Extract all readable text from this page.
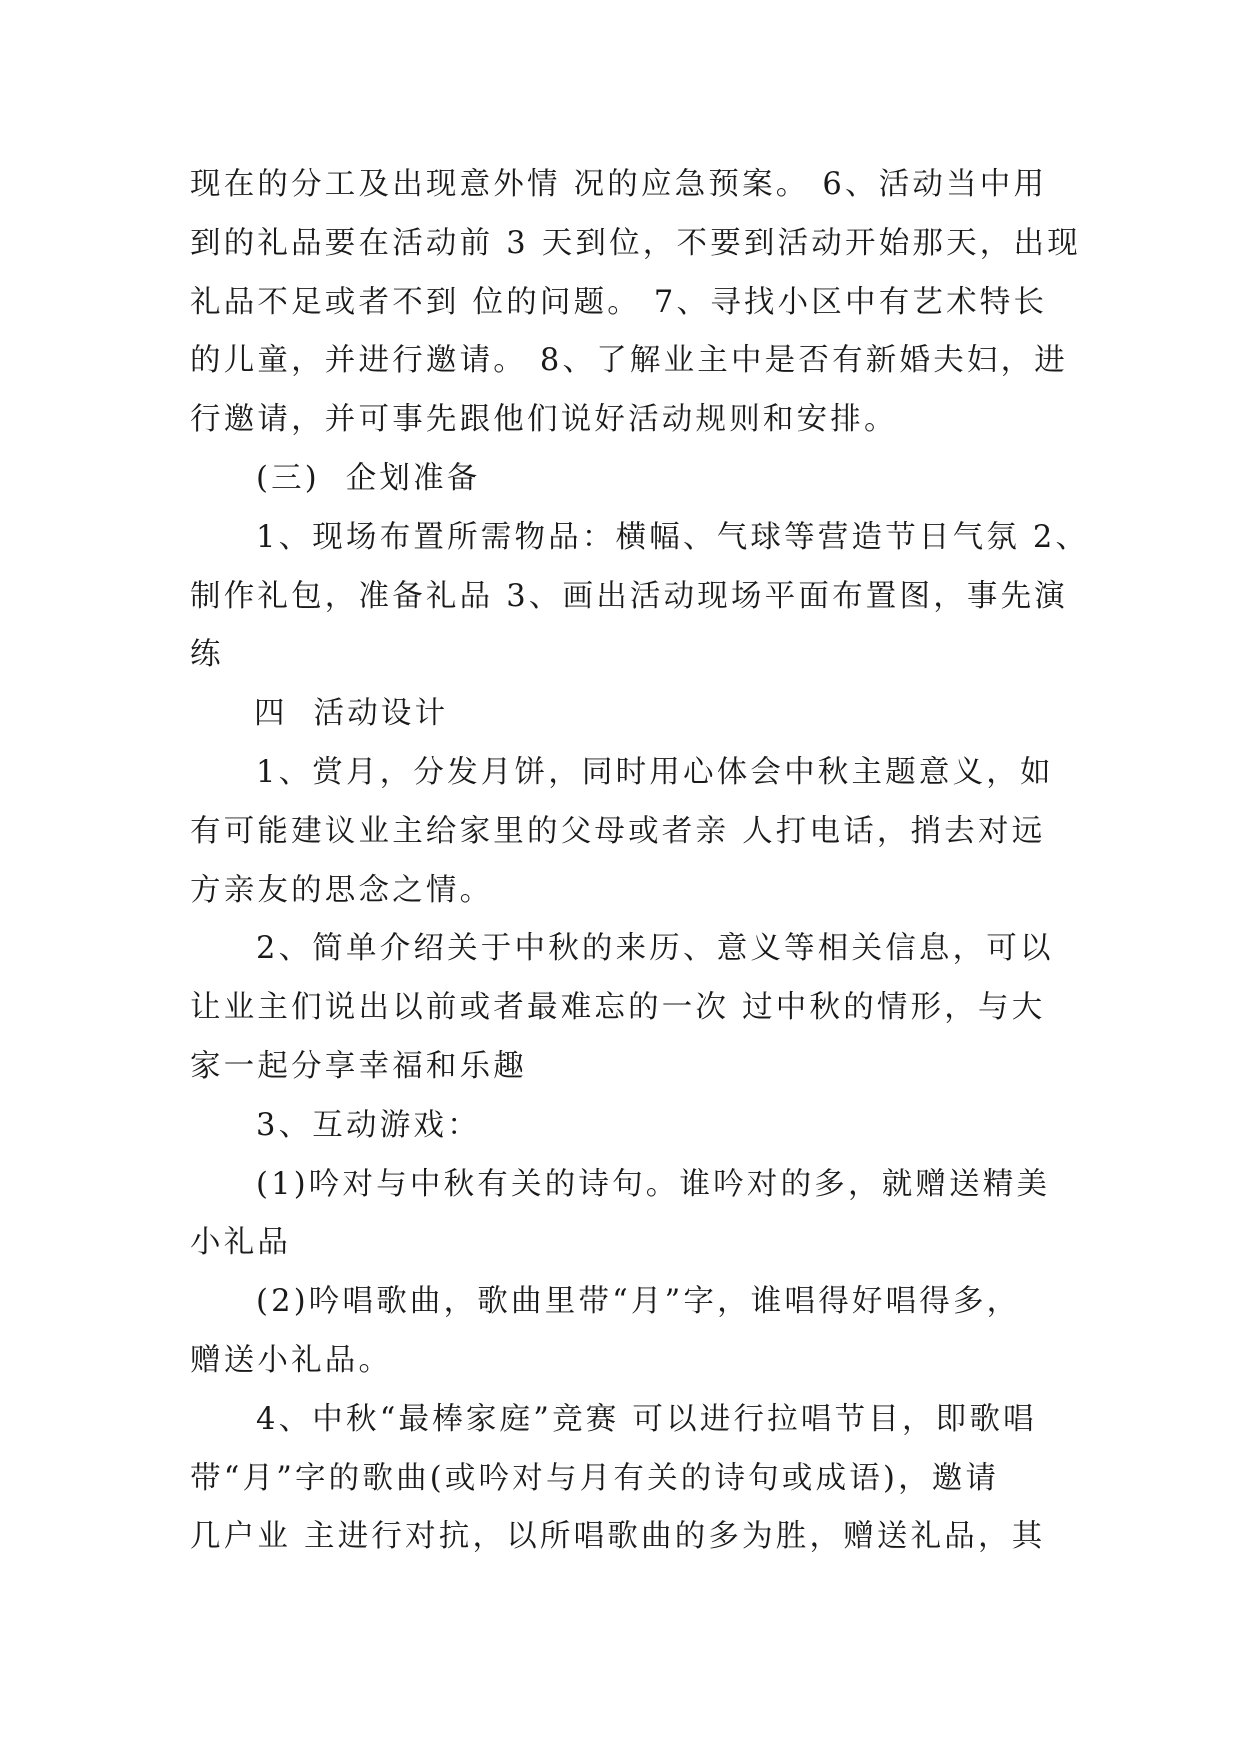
现在的分工及出现意外情 况的应急预案。 6、活动当中用
到的礼品要在活动前 3 天到位，不要到活动开始那天，出现
礼品不足或者不到 位的问题。 7、寻找小区中有艺术特长
的儿童，并进行邀请。 8、了解业主中是否有新婚夫妇，进
行邀请，并可事先跟他们说好活动规则和安排。
(三)  企划准备
1、现场布置所需物品：横幅、气球等营造节日气氛 2、
制作礼包，准备礼品 3、画出活动现场平面布置图，事先演
练
四  活动设计
1、赏月，分发月饼，同时用心体会中秋主题意义，如
有可能建议业主给家里的父母或者亲 人打电话，捎去对远
方亲友的思念之情。
2、简单介绍关于中秋的来历、意义等相关信息，可以
让业主们说出以前或者最难忘的一次 过中秋的情形，与大
家一起分享幸福和乐趣
3、互动游戏：
(1)吟对与中秋有关的诗句。谁吟对的多，就赠送精美
小礼品
(2)吟唱歌曲，歌曲里带“月”字，谁唱得好唱得多，
赠送小礼品。
4、中秋“最棒家庭”竞赛 可以进行拉唱节目，即歌唱
带“月”字的歌曲(或吟对与月有关的诗句或成语)，邀请
几户业 主进行对抗，以所唱歌曲的多为胜，赠送礼品，其
